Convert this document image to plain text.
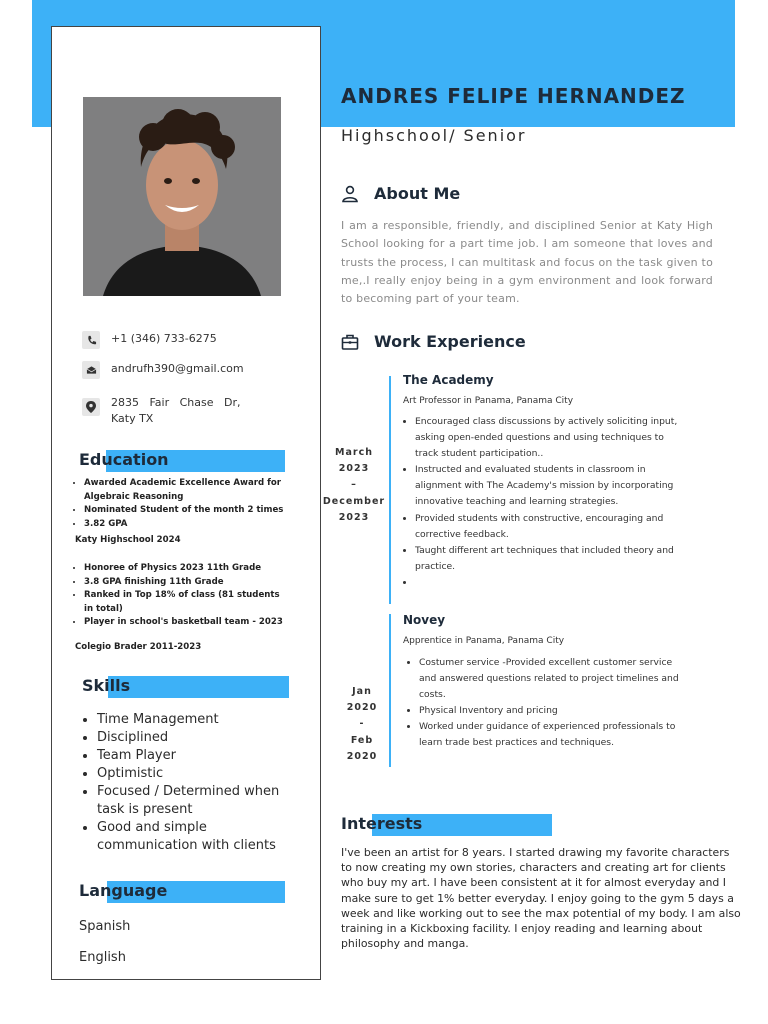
+1 (346) 733-6275
andrufh390@gmail.com
2835   Fair   Chase   Dr,
Katy TX
Education
• Awarded Academic Excellence Award for Algebraic Reasoning
• Nominated Student of the month 2 times
• 3.82 GPA
Katy Highschool 2024
• Honoree of Physics 2023 11th Grade
• 3.8 GPA finishing 11th Grade
• Ranked in Top 18% of class (81 students in total)
• Player in school's basketball team - 2023
Colegio Brader 2011-2023
Skills
• Time Management
• Disciplined
• Team Player
• Optimistic
• Focused / Determined when task is present
• Good and simple communication with clients
Language
Spanish
English
ANDRES FELIPE HERNANDEZ
Highschool/ Senior
About Me
I am a responsible, friendly, and disciplined Senior at Katy High School looking for a part time job. I am someone that loves and trusts the process, I can multitask and focus on the task given to me,.I really enjoy being in a gym environment and look forward to becoming part of your team.
Work Experience
March
2023
–
December
2023
The Academy
Art Professor in Panama, Panama City
• Encouraged class discussions by actively soliciting input, asking open-ended questions and using techniques to track student participation..
• Instructed and evaluated students in classroom in alignment with The Academy's mission by incorporating innovative teaching and learning strategies.
• Provided students with constructive, encouraging and corrective feedback.
• Taught different art techniques that included theory and practice.
•
Jan
2020
-
Feb
2020
Novey
Apprentice in Panama, Panama City
• Costumer service -Provided excellent customer service and answered questions related to project timelines and costs.
• Physical Inventory and pricing
• Worked under guidance of experienced professionals to learn trade best practices and techniques.
Interests
I've been an artist for 8 years. I started drawing my favorite characters to now creating my own stories, characters and creating art for clients who buy my art. I have been consistent at it for almost everyday and I make sure to get 1% better everyday. I enjoy going to the gym 5 days a week and like working out to see the max potential of my body. I am also training in a Kickboxing facility. I enjoy reading and learning about philosophy and manga.
